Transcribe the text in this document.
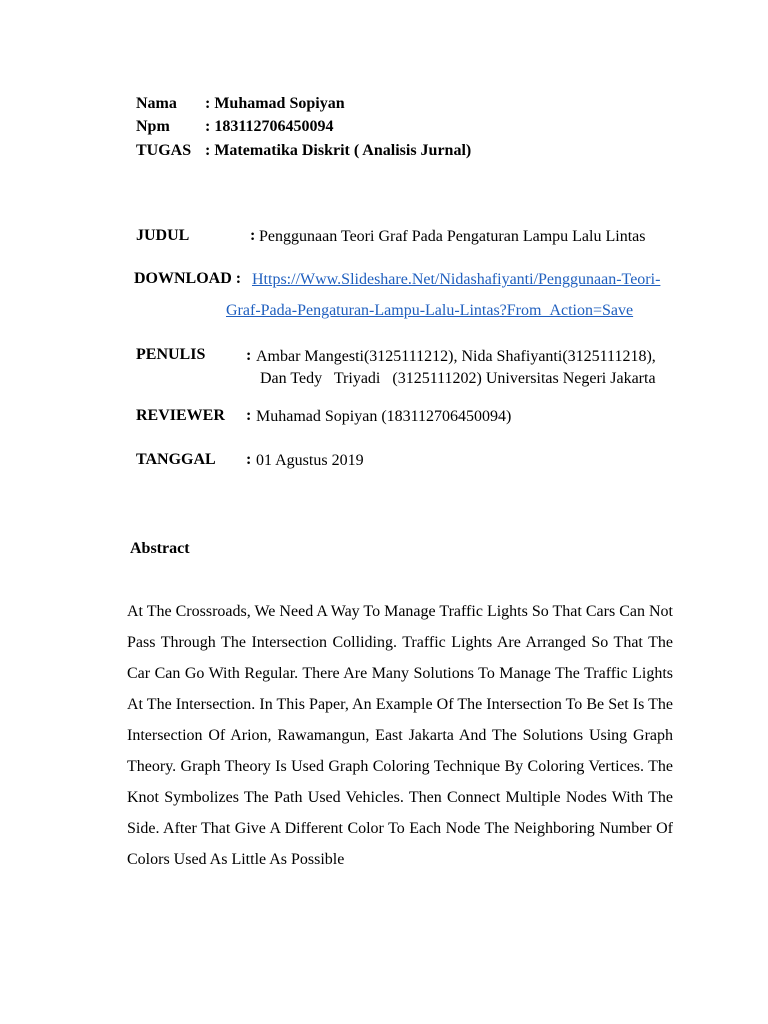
Nama : Muhamad Sopiyan
Npm : 183112706450094
TUGAS : Matematika Diskrit ( Analisis Jurnal)
JUDUL	: Penggunaan Teori Graf Pada Pengaturan Lampu Lalu Lintas
DOWNLOAD : Https://Www.Slideshare.Net/Nidashafiyanti/Penggunaan-Teori-
Graf-Pada-Pengaturan-Lampu-Lalu-Lintas?From_Action=Save
PENULIS	: Ambar Mangesti(3125111212), Nida Shafiyanti(3125111218),
Dan Tedy   Triyadi   (3125111202) Universitas Negeri Jakarta
REVIEWER : Muhamad Sopiyan (183112706450094)
TANGGAL : 01 Agustus 2019
Abstract
At The Crossroads, We Need A Way To Manage Traffic Lights So That Cars Can Not Pass Through The Intersection Colliding. Traffic Lights Are Arranged So That The Car Can Go With Regular. There Are Many Solutions To Manage The Traffic Lights At The Intersection. In This Paper, An Example Of The Intersection To Be Set Is The Intersection Of Arion, Rawamangun, East Jakarta And The Solutions Using Graph Theory. Graph Theory Is Used Graph Coloring Technique By Coloring Vertices. The Knot Symbolizes The Path Used Vehicles. Then Connect Multiple Nodes With The Side. After That Give A Different Color To Each Node The Neighboring Number Of Colors Used As Little As Possible
